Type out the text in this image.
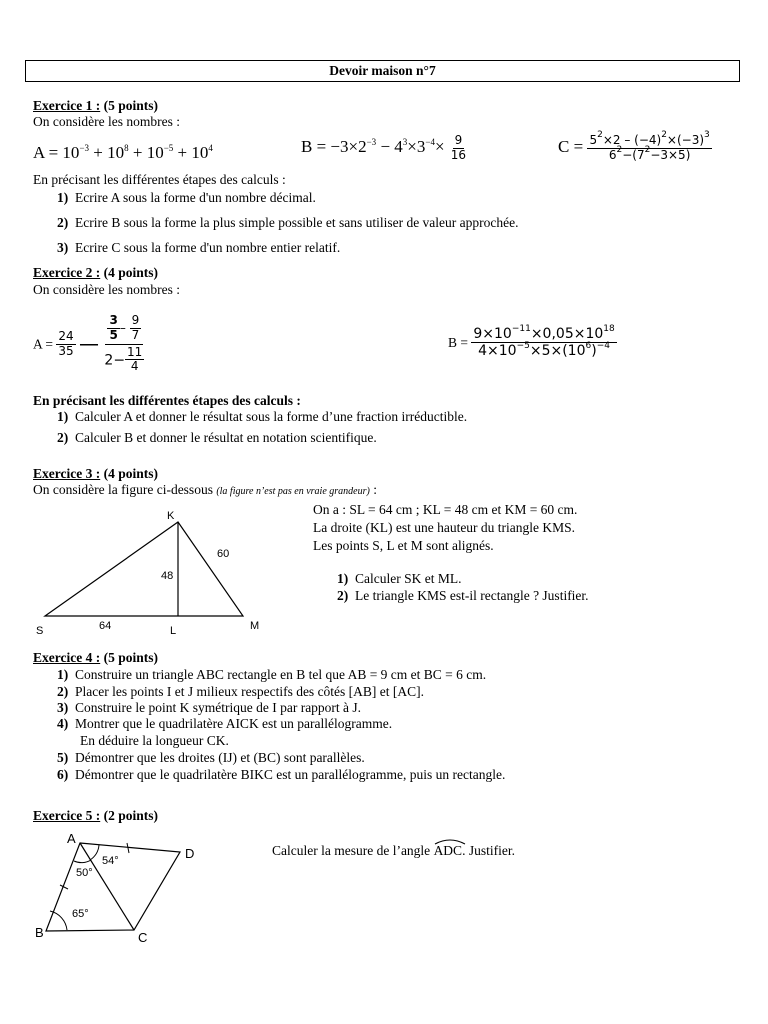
Devoir maison n°7
Exercice 1 : (5 points)
On considère les nombres :
$A = 10^{-3} + 10^8 + 10^{-5} + 10^4$	$B = -3\times 2^{-3} - 4^3\times 3^{-4}\times \frac{9}{16}$	$C = \frac{5^2\times 2 - (-4)^2\times(-3)^3}{6^2-(7^2-3\times 5)}$
En précisant les différentes étapes des calculs :
1) Ecrire A sous la forme d'un nombre décimal.
2) Ecrire B sous la forme la plus simple possible et sans utiliser de valeur approchée.
3) Ecrire C sous la forme d'un nombre entier relatif.
Exercice 2 : (4 points)
On considère les nombres :
$A = \frac{24}{35}$ — $\frac{\frac{3}{5} - \frac{9}{7}}{2- \frac{11}{4}}$	$B = \frac{9\times 10^{-11}\times 0,05\times 10^{18}}{4\times 10^{-5}\times 5\times(10^6)^{-4}}$
En précisant les différentes étapes des calculs :
1) Calculer A et donner le résultat sous la forme d’une fraction irréductible.
2) Calculer B et donner le résultat en notation scientifique.
Exercice 3 : (4 points)
On considère la figure ci-dessous (la figure n’est pas en vraie grandeur) :
K
S	L	M
48
60
64
On a : SL = 64 cm ; KL = 48 cm et KM = 60 cm.
La droite (KL) est une hauteur du triangle KMS.
Les points S, L et M sont alignés.
1) Calculer SK et ML.
2) Le triangle KMS est-il rectangle ? Justifier.
Exercice 4 : (5 points)
1) Construire un triangle ABC rectangle en B tel que AB = 9 cm et BC = 6 cm.
2) Placer les points I et J milieux respectifs des côtés [AB] et [AC].
3) Construire le point K symétrique de I par rapport à J.
4) Montrer que le quadrilatère AICK est un parallélogramme.
En déduire la longueur CK.
5) Démontrer que les droites (IJ) et (BC) sont parallèles.
6) Démontrer que le quadrilatère BIKC est un parallélogramme, puis un rectangle.
Exercice 5 : (2 points)
A
D
B	C
54°
50°
65°
Calculer la mesure de l’angle
ADC. Justifier.
